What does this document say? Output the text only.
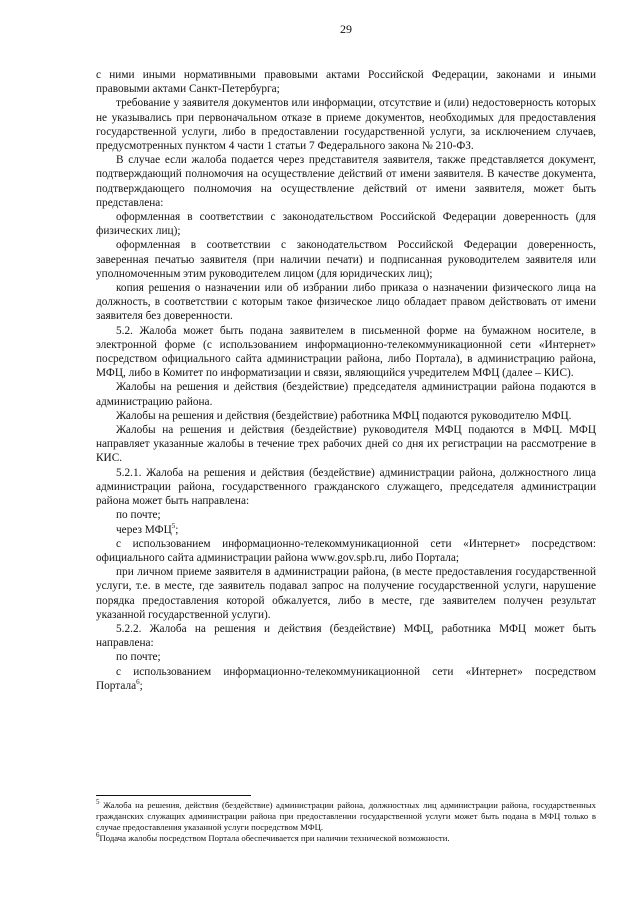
29

с ними иными нормативными правовыми актами Российской Федерации, законами и иными правовыми актами Санкт-Петербурга;

требование у заявителя документов или информации, отсутствие и (или) недостоверность которых не указывались при первоначальном отказе в приеме документов, необходимых для предоставления государственной услуги, либо в предоставлении государственной услуги, за исключением случаев, предусмотренных пунктом 4 части 1 статьи 7 Федерального закона № 210-ФЗ.

В случае если жалоба подается через представителя заявителя, также представляется документ, подтверждающий полномочия на осуществление действий от имени заявителя. В качестве документа, подтверждающего полномочия на осуществление действий от имени заявителя, может быть представлена:

оформленная в соответствии с законодательством Российской Федерации доверенность (для физических лиц);

оформленная в соответствии с законодательством Российской Федерации доверенность, заверенная печатью заявителя (при наличии печати) и подписанная руководителем заявителя или уполномоченным этим руководителем лицом (для юридических лиц);

копия решения о назначении или об избрании либо приказа о назначении физического лица на должность, в соответствии с которым такое физическое лицо обладает правом действовать от имени заявителя без доверенности.

5.2. Жалоба может быть подана заявителем в письменной форме на бумажном носителе, в электронной форме (с использованием информационно-телекоммуникационной сети «Интернет» посредством официального сайта администрации района, либо Портала), в администрацию района, МФЦ, либо в Комитет по информатизации и связи, являющийся учредителем МФЦ (далее – КИС).

Жалобы на решения и действия (бездействие) председателя администрации района подаются в администрацию района.

Жалобы на решения и действия (бездействие) работника МФЦ подаются руководителю МФЦ.

Жалобы на решения и действия (бездействие) руководителя МФЦ подаются в МФЦ. МФЦ направляет указанные жалобы в течение трех рабочих дней со дня их регистрации на рассмотрение в КИС.

5.2.1. Жалоба на решения и действия (бездействие) администрации района, должностного лица администрации района, государственного гражданского служащего, председателя администрации района может быть направлена:

по почте;

через МФЦ$^5$;

с использованием информационно-телекоммуникационной сети «Интернет» посредством: официального сайта администрации района www.gov.spb.ru, либо Портала;

при личном приеме заявителя в администрации района, (в месте предоставления государственной услуги, т.е. в месте, где заявитель подавал запрос на получение государственной услуги, нарушение порядка предоставления которой обжалуется, либо в месте, где заявителем получен результат указанной государственной услуги).

5.2.2. Жалоба на решения и действия (бездействие) МФЦ, работника МФЦ может быть направлена:

по почте;

с использованием информационно-телекоммуникационной сети «Интернет» посредством Портала$^6$;

$^5$ Жалоба на решения, действия (бездействие) администрации района, должностных лиц администрации района, государственных гражданских служащих администрации района при предоставлении государственной услуги может быть подана в МФЦ только в случае предоставления указанной услуги посредством МФЦ.

$^6$Подача жалобы посредством Портала обеспечивается при наличии технической возможности.
